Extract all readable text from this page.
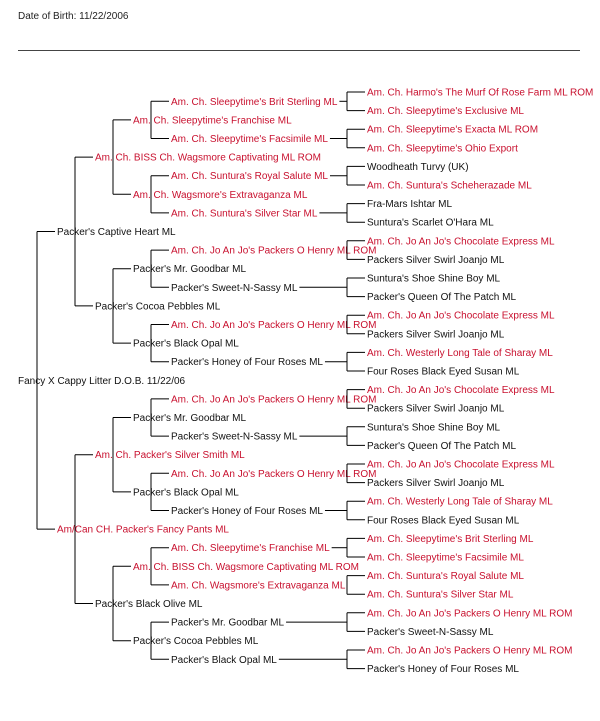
Date of Birth: 11/22/2006
Fancy X Cappy Litter D.O.B. 11/22/06
Packer's Captive Heart ML
Am. Ch. BISS Ch. Wagsmore Captivating ML ROM
Am. Ch. Sleepytime's Franchise ML
Am. Ch. Sleepytime's Brit Sterling ML
Am. Ch. Harmo's The Murf Of Rose Farm ML ROM
Am. Ch. Sleepytime's Exclusive ML
Am. Ch. Sleepytime's Facsimile ML
Am. Ch. Sleepytime's Exacta ML ROM
Am. Ch. Sleepytime's Ohio Export
Am. Ch. Wagsmore's Extravaganza ML
Am. Ch. Suntura's Royal Salute ML
Woodheath Turvy (UK)
Am. Ch. Suntura's Scheherazade ML
Am. Ch. Suntura's Silver Star ML
Fra-Mars Ishtar ML
Suntura's Scarlet O'Hara ML
Packer's Cocoa Pebbles ML
Packer's Mr. Goodbar ML
Am. Ch. Jo An Jo's Packers O Henry ML ROM
Am. Ch. Jo An Jo's Chocolate Express ML
Packers Silver Swirl Joanjo ML
Packer's Sweet-N-Sassy ML
Suntura's Shoe Shine Boy ML
Packer's Queen Of The Patch ML
Packer's Black Opal ML
Am. Ch. Jo An Jo's Packers O Henry ML ROM
Am. Ch. Jo An Jo's Chocolate Express ML
Packers Silver Swirl Joanjo ML
Packer's Honey of Four Roses ML
Am. Ch. Westerly Long Tale of Sharay ML
Four Roses Black Eyed Susan ML
Am/Can CH. Packer's Fancy Pants ML
Am. Ch. Packer's Silver Smith ML
Packer's Mr. Goodbar ML
Am. Ch. Jo An Jo's Packers O Henry ML ROM
Am. Ch. Jo An Jo's Chocolate Express ML
Packers Silver Swirl Joanjo ML
Packer's Sweet-N-Sassy ML
Suntura's Shoe Shine Boy ML
Packer's Queen Of The Patch ML
Packer's Black Opal ML
Am. Ch. Jo An Jo's Packers O Henry ML ROM
Am. Ch. Jo An Jo's Chocolate Express ML
Packers Silver Swirl Joanjo ML
Packer's Honey of Four Roses ML
Am. Ch. Westerly Long Tale of Sharay ML
Four Roses Black Eyed Susan ML
Packer's Black Olive ML
Am. Ch. BISS Ch. Wagsmore Captivating ML ROM
Am. Ch. Sleepytime's Franchise ML
Am. Ch. Sleepytime's Brit Sterling ML
Am. Ch. Sleepytime's Facsimile ML
Am. Ch. Wagsmore's Extravaganza ML
Am. Ch. Suntura's Royal Salute ML
Am. Ch. Suntura's Silver Star ML
Packer's Cocoa Pebbles ML
Packer's Mr. Goodbar ML
Am. Ch. Jo An Jo's Packers O Henry ML ROM
Packer's Sweet-N-Sassy ML
Packer's Black Opal ML
Am. Ch. Jo An Jo's Packers O Henry ML ROM
Packer's Honey of Four Roses ML
